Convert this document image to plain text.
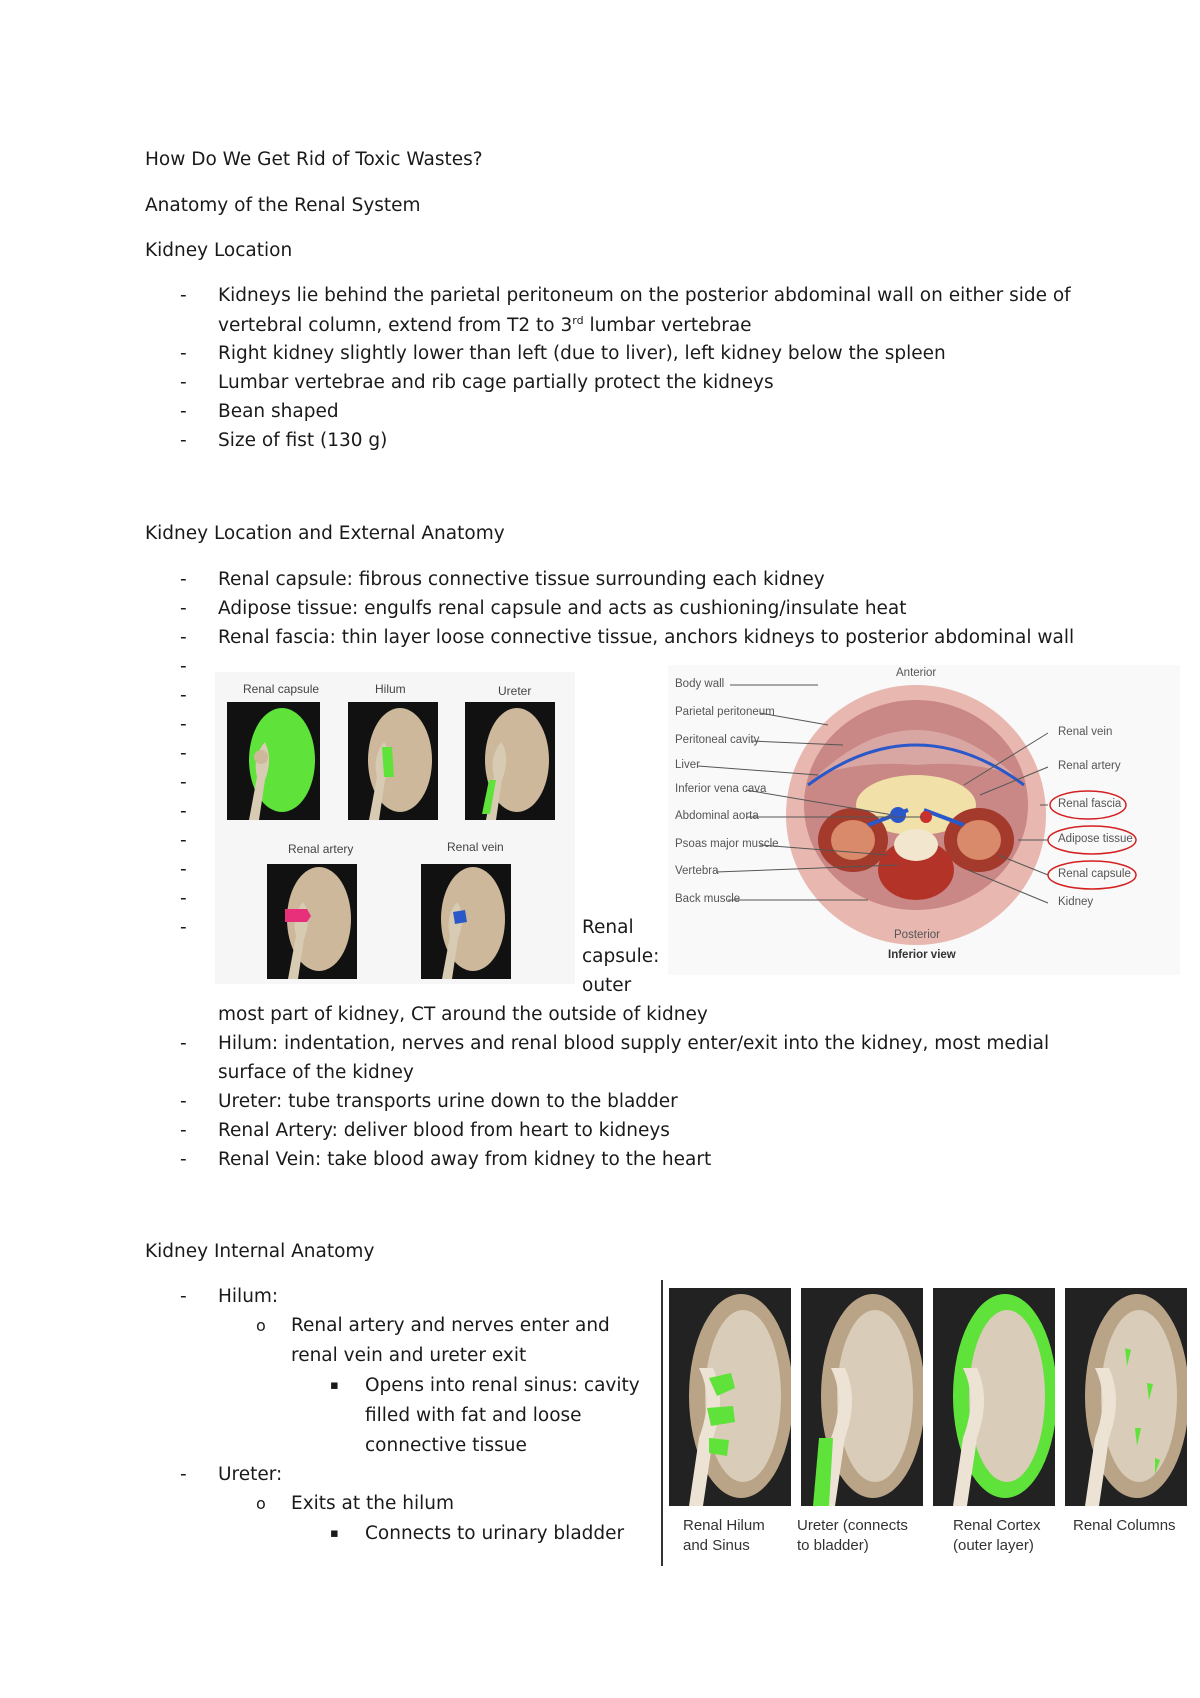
How Do We Get Rid of Toxic Wastes?
Anatomy of the Renal System
Kidney Location
- Kidneys lie behind the parietal peritoneum on the posterior abdominal wall on either side of
vertebral column, extend from T2 to 3rd lumbar vertebrae
- Right kidney slightly lower than left (due to liver), left kidney below the spleen
- Lumbar vertebrae and rib cage partially protect the kidneys
- Bean shaped
- Size of fist (130 g)
Kidney Location and External Anatomy
- Renal capsule: fibrous connective tissue surrounding each kidney
- Adipose tissue: engulfs renal capsule and acts as cushioning/insulate heat
- Renal fascia: thin layer loose connective tissue, anchors kidneys to posterior abdominal wall
-
-
-
-
-
-
-
-
-
-
Renal capsule	Hilum	Ureter
Renal artery	Renal vein
Renal
capsule:
outer
most part of kidney, CT around the outside of kidney
Anterior
Body wall
Parietal peritoneum
Peritoneal cavity
Liver
Inferior vena cava
Abdominal aorta
Psoas major muscle
Vertebra
Back muscle
Renal vein
Renal artery
Renal fascia
Adipose tissue
Renal capsule
Kidney
Posterior
Inferior view
- Hilum: indentation, nerves and renal blood supply enter/exit into the kidney, most medial
surface of the kidney
- Ureter: tube transports urine down to the bladder
- Renal Artery: deliver blood from heart to kidneys
- Renal Vein: take blood away from kidney to the heart
Kidney Internal Anatomy
- Hilum:
o Renal artery and nerves enter and
renal vein and ureter exit
▪ Opens into renal sinus: cavity
filled with fat and loose
connective tissue
- Ureter:
o Exits at the hilum
▪ Connects to urinary bladder	Renal Hilum
and Sinus
Ureter (connects
to bladder)
Renal Cortex
(outer layer)
Renal Columns
